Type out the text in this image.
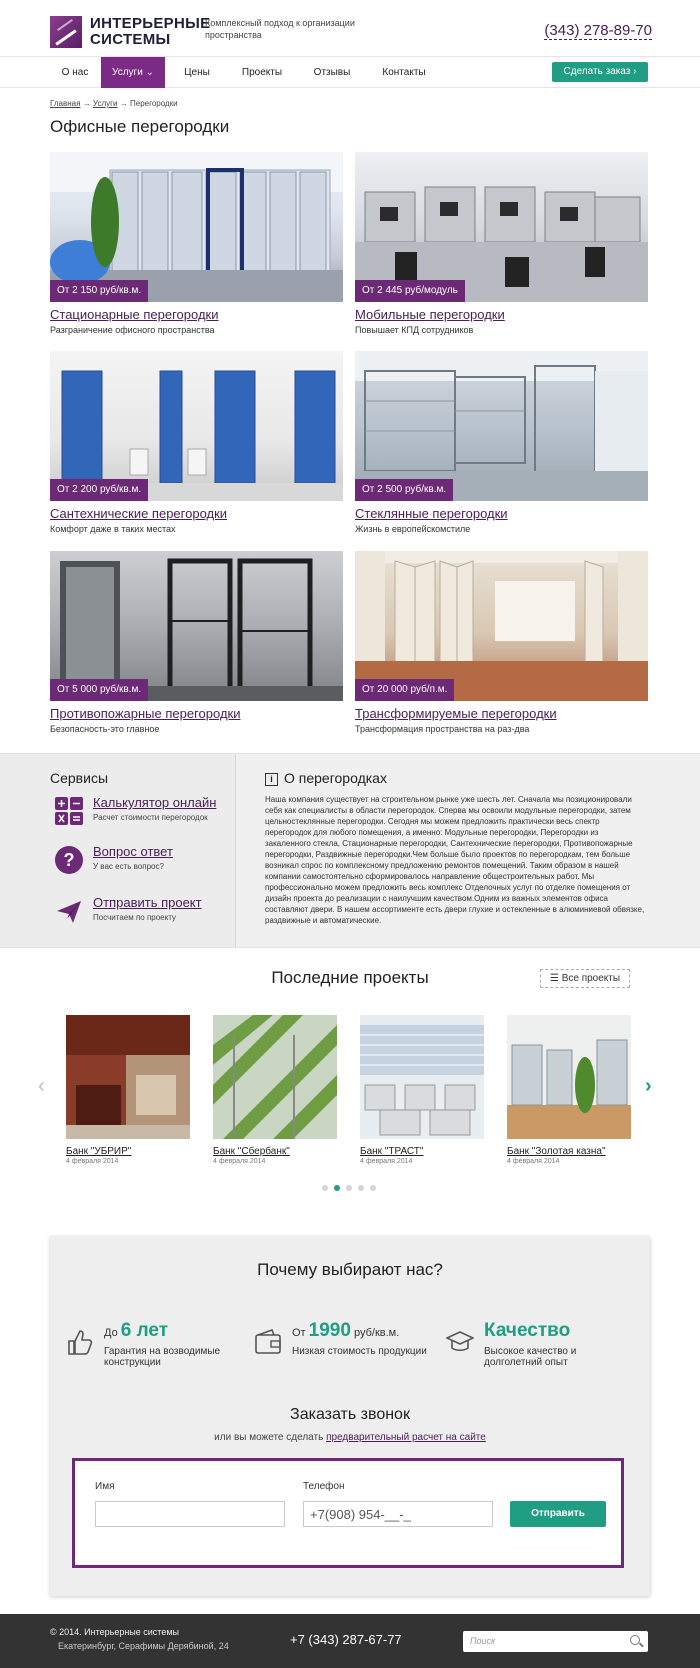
ИНТЕРЬЕРНЫЕ СИСТЕМЫ
Комплексный подход к организации пространства	(343) 278-89-70
О нас	Услуги ⌄	Цены	Проекты	Отзывы	Контакты	Сделать заказ ›
Главная → Услуги → Перегородки
Офисные перегородки
От 2 150 руб/кв.м.
Стационарные перегородки
Разграничение офисного пространства
От 2 445 руб/модуль
Мобильные перегородки
Повышает КПД сотрудников
От 2 200 руб/кв.м.
Сантехнические перегородки
Комфорт даже в таких местах
От 2 500 руб/кв.м.
Стеклянные перегородки
Жизнь в европейскомстиле
От 5 000 руб/кв.м.
Противопожарные перегородки
Безопасность-это главное
От 20 000 руб/п.м.
Трансформируемые перегородки
Трансформация пространства на раз-два
Сервисы
Калькулятор онлайн
Расчет стоимости перегородок
? Вопрос ответ
У вас есть вопрос?
Отправить проект
Посчитаем по проекту
i О перегородках
Наша компания существует на строительном рынке уже шесть лет. Сначала мы позиционировали себя как специалисты в области перегородок. Сперва мы освоили модульные перегородки, затем цельностеклянные перегородки. Сегодня мы можем предложить практически весь спектр перегородок для любого помещения, а именно: Модульные перегородки, Перегородки из закаленного стекла, Стационарные перегородки, Сантехнические перегородки, Противопожарные перегородки, Раздвижные перегородки.Чем больше было проектов по перегородкам, тем больше возникал спрос по комплексному предложению ремонтов помещений. Таким образом в нашей компании самостоятельно сформировалось направление общестроительных работ. Мы профессионально можем предложить весь комплекс Отделочных услуг по отделке помещения от дизайн проекта до реализации с наилучшим качеством.Одним из важных элементов офиса составляют двери. В нашем ассортименте есть двери глухие и остекленные в алюминиевой обвязке, раздвижные и автоматические.
Последние проекты	☰ Все проекты
‹	›
Банк "УБРИР"
4 февраля 2014
Банк "Сбербанк"
4 февраля 2014
Банк "ТРАСТ"
4 февраля 2014
Банк "Золотая казна"
4 февраля 2014
Почему выбирают нас?
До 6 лет
Гарантия на возводимые конструкции
От 1990 руб/кв.м.
Низкая стоимость продукции
Качество
Высокое качество и долголетний опыт
Заказать звонок
или вы можете сделать предварительный расчет на сайте
Имя	Телефон
+7(908) 954-__-_
Отправить
© 2014. Интерьерные системы
Екатеринбург, Серафимы Дерябиной, 24	+7 (343) 287-67-77	Поиск
